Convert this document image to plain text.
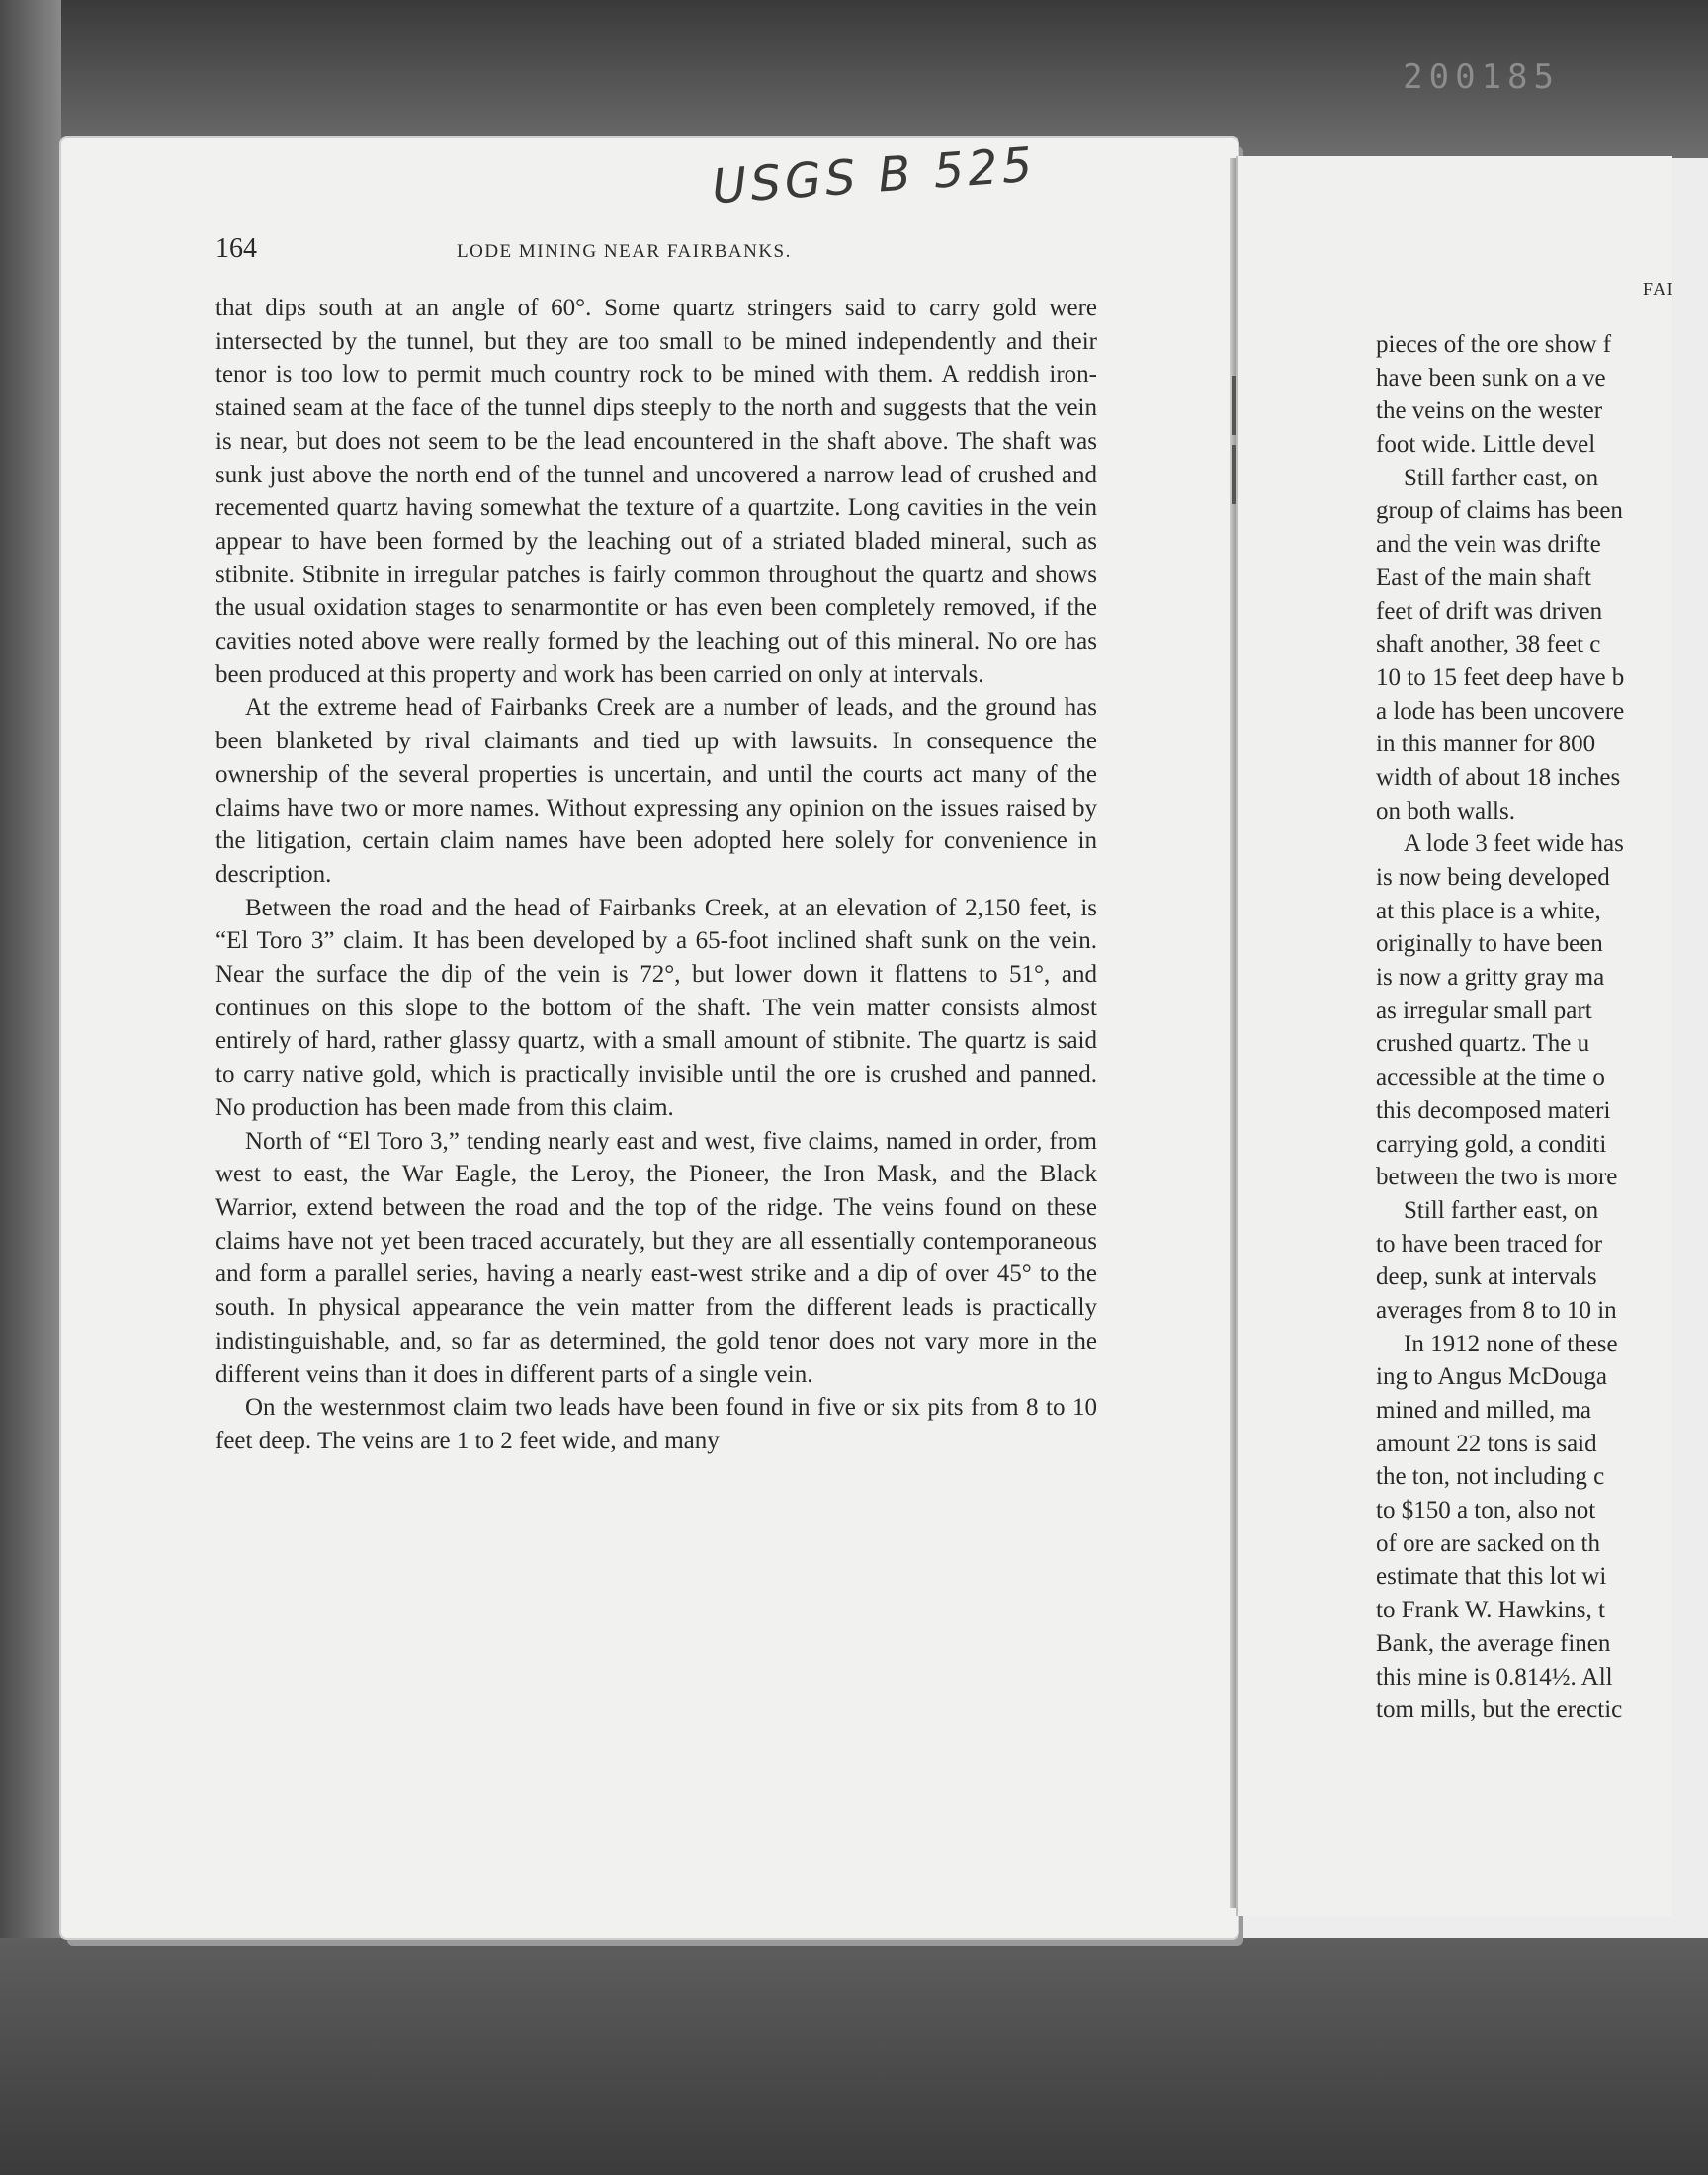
200185
USGS B 525
164	LODE MINING NEAR FAIRBANKS.

that dips south at an angle of 60°. Some quartz stringers said to carry gold were intersected by the tunnel, but they are too small to be mined independently and their tenor is too low to permit much country rock to be mined with them. A reddish iron-stained seam at the face of the tunnel dips steeply to the north and suggests that the vein is near, but does not seem to be the lead encountered in the shaft above. The shaft was sunk just above the north end of the tunnel and uncovered a narrow lead of crushed and recemented quartz having somewhat the texture of a quartzite. Long cavities in the vein appear to have been formed by the leaching out of a striated bladed mineral, such as stibnite. Stibnite in irregular patches is fairly common throughout the quartz and shows the usual oxidation stages to senarmontite or has even been completely removed, if the cavities noted above were really formed by the leaching out of this mineral. No ore has been produced at this property and work has been carried on only at intervals.

At the extreme head of Fairbanks Creek are a number of leads, and the ground has been blanketed by rival claimants and tied up with lawsuits. In consequence the ownership of the several properties is uncertain, and until the courts act many of the claims have two or more names. Without expressing any opinion on the issues raised by the litigation, certain claim names have been adopted here solely for convenience in description.

Between the road and the head of Fairbanks Creek, at an elevation of 2,150 feet, is “El Toro 3” claim. It has been developed by a 65-foot inclined shaft sunk on the vein. Near the surface the dip of the vein is 72°, but lower down it flattens to 51°, and continues on this slope to the bottom of the shaft. The vein matter consists almost entirely of hard, rather glassy quartz, with a small amount of stibnite. The quartz is said to carry native gold, which is practically invisible until the ore is crushed and panned. No production has been made from this claim.

North of “El Toro 3,” tending nearly east and west, five claims, named in order, from west to east, the War Eagle, the Leroy, the Pioneer, the Iron Mask, and the Black Warrior, extend between the road and the top of the ridge. The veins found on these claims have not yet been traced accurately, but they are all essentially contemporaneous and form a parallel series, having a nearly east-west strike and a dip of over 45° to the south. In physical appearance the vein matter from the different leads is practically indistinguishable, and, so far as determined, the gold tenor does not vary more in the different veins than it does in different parts of a single vein.

On the westernmost claim two leads have been found in five or six pits from 8 to 10 feet deep. The veins are 1 to 2 feet wide, and many

FAI
pieces of the ore show f
have been sunk on a ve
the veins on the wester
foot wide. Little devel
Still farther east, on
group of claims has been
and the vein was drifte
East of the main shaft
feet of drift was driven
shaft another, 38 feet c
10 to 15 feet deep have b
a lode has been uncovere
in this manner for 800
width of about 18 inches
on both walls.
A lode 3 feet wide has
is now being developed
at this place is a white,
originally to have been
is now a gritty gray ma
as irregular small part
crushed quartz. The u
accessible at the time o
this decomposed materi
carrying gold, a conditi
between the two is more
Still farther east, on
to have been traced for
deep, sunk at intervals
averages from 8 to 10 in
In 1912 none of these
ing to Angus McDouga
mined and milled, ma
amount 22 tons is said
the ton, not including c
to $150 a ton, also not
of ore are sacked on th
estimate that this lot wi
to Frank W. Hawkins, t
Bank, the average finen
this mine is 0.814½. All
tom mills, but the erectic
